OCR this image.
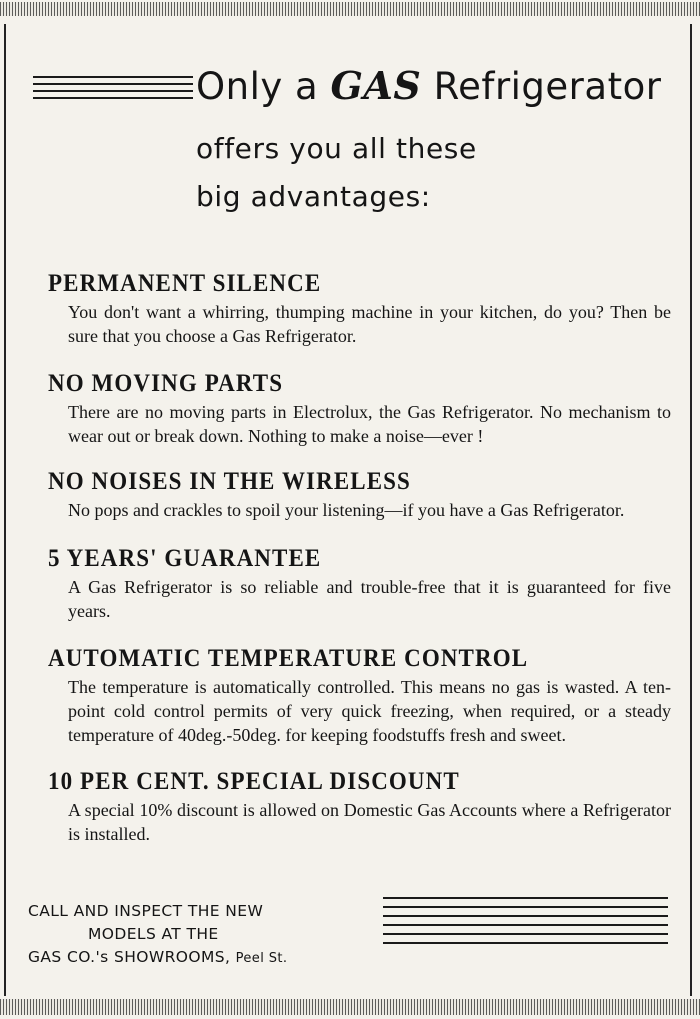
Only a GAS Refrigerator
offers you all these
big advantages:
PERMANENT SILENCE

You don't want a whirring, thumping machine in your kitchen, do you? Then be sure that you choose a Gas Refrigerator.

NO MOVING PARTS

There are no moving parts in Electrolux, the Gas Refrigerator. No mechanism to wear out or break down. Nothing to make a noise—ever !

NO NOISES IN THE WIRELESS

No pops and crackles to spoil your listening—if you have a Gas Refrigerator.

5 YEARS' GUARANTEE

A Gas Refrigerator is so reliable and trouble-free that it is guaranteed for five years.

AUTOMATIC TEMPERATURE CONTROL

The temperature is automatically controlled. This means no gas is wasted. A ten-point cold control permits of very quick freezing, when required, or a steady temperature of 40deg.-50deg. for keeping foodstuffs fresh and sweet.

10 PER CENT. SPECIAL DISCOUNT

A special 10% discount is allowed on Domestic Gas Accounts where a Refrigerator is installed.

CALL AND INSPECT THE NEW
MODELS AT THE
GAS CO.'s SHOWROOMS, Peel St.
